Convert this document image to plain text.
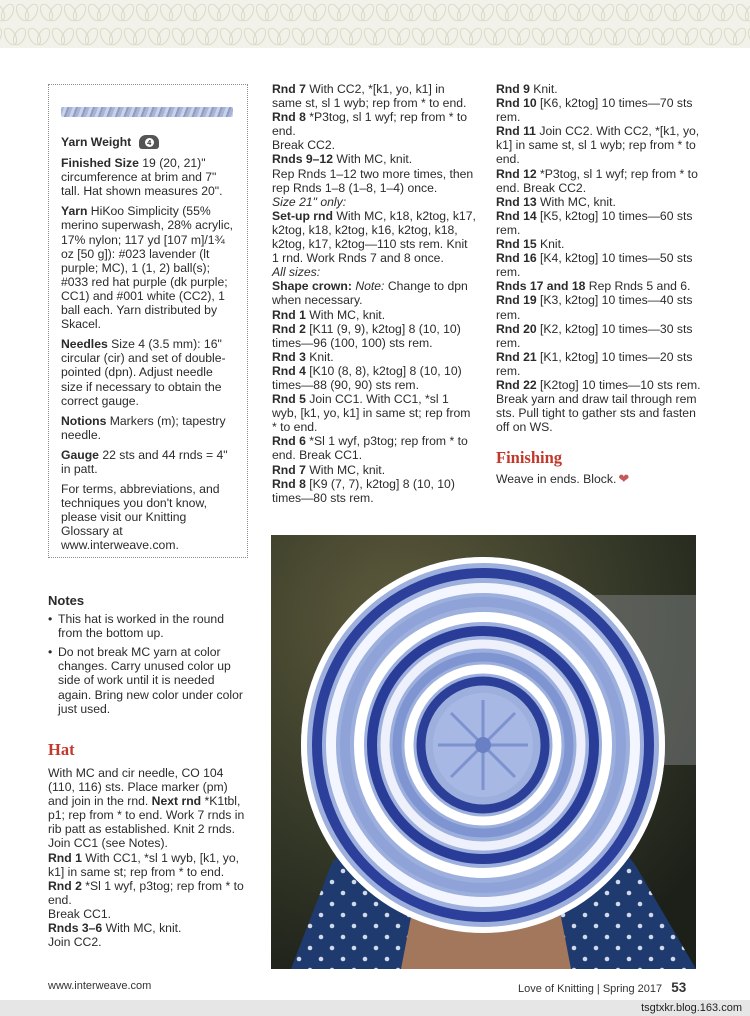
Yarn Weight	4

Finished Size 19 (20, 21)" circumference at brim and 7" tall. Hat shown measures 20".

Yarn HiKoo Simplicity (55% merino superwash, 28% acrylic, 17% nylon; 117 yd [107 m]/1¾ oz [50 g]): #023 lavender (lt purple; MC), 1 (1, 2) ball(s); #033 red hat purple (dk purple; CC1) and #001 white (CC2), 1 ball each. Yarn distributed by Skacel.

Needles Size 4 (3.5 mm): 16" circular (cir) and set of double-pointed (dpn). Adjust needle size if necessary to obtain the correct gauge.

Notions Markers (m); tapestry needle.

Gauge 22 sts and 44 rnds = 4" in patt.

For terms, abbreviations, and techniques you don't know, please visit our Knitting Glossary at www.interweave.com.

Notes
• This hat is worked in the round from the bottom up.
• Do not break MC yarn at color changes. Carry unused color up side of work until it is needed again. Bring new color under color just used.
Hat

With MC and cir needle, CO 104 (110, 116) sts. Place marker (pm) and join in the rnd. Next rnd *K1tbl, p1; rep from * to end. Work 7 rnds in rib patt as established. Knit 2 rnds. Join CC1 (see Notes).

Rnd 1 With CC1, *sl 1 wyb, [k1, yo, k1] in same st; rep from * to end.

Rnd 2 *Sl 1 wyf, p3tog; rep from * to end.

Break CC1.

Rnds 3–6 With MC, knit.

Join CC2.

Rnd 7 With CC2, *[k1, yo, k1] in same st, sl 1 wyb; rep from * to end.

Rnd 8 *P3tog, sl 1 wyf; rep from * to end.

Break CC2.

Rnds 9–12 With MC, knit.

Rep Rnds 1–12 two more times, then rep Rnds 1–8 (1–8, 1–4) once.

Size 21" only:

Set-up rnd With MC, k18, k2tog, k17, k2tog, k18, k2tog, k16, k2tog, k18, k2tog, k17, k2tog—110 sts rem. Knit 1 rnd. Work Rnds 7 and 8 once.

All sizes:

Shape crown: Note: Change to dpn when necessary.

Rnd 1 With MC, knit.

Rnd 2 [K11 (9, 9), k2tog] 8 (10, 10) times—96 (100, 100) sts rem.

Rnd 3 Knit.

Rnd 4 [K10 (8, 8), k2tog] 8 (10, 10) times—88 (90, 90) sts rem.

Rnd 5 Join CC1. With CC1, *sl 1 wyb, [k1, yo, k1] in same st; rep from * to end.

Rnd 6 *Sl 1 wyf, p3tog; rep from * to end. Break CC1.

Rnd 7 With MC, knit.

Rnd 8 [K9 (7, 7), k2tog] 8 (10, 10) times—80 sts rem.

Rnd 9 Knit.

Rnd 10 [K6, k2tog] 10 times—70 sts rem.

Rnd 11 Join CC2. With CC2, *[k1, yo, k1] in same st, sl 1 wyb; rep from * to end.

Rnd 12 *P3tog, sl 1 wyf; rep from * to end. Break CC2.

Rnd 13 With MC, knit.

Rnd 14 [K5, k2tog] 10 times—60 sts rem.

Rnd 15 Knit.

Rnd 16 [K4, k2tog] 10 times—50 sts rem.

Rnds 17 and 18 Rep Rnds 5 and 6.

Rnd 19 [K3, k2tog] 10 times—40 sts rem.

Rnd 20 [K2, k2tog] 10 times—30 sts rem.

Rnd 21 [K1, k2tog] 10 times—20 sts rem.

Rnd 22 [K2tog] 10 times—10 sts rem.

Break yarn and draw tail through rem sts. Pull tight to gather sts and fasten off on WS.

Finishing

Weave in ends. Block. ❤

www.interweave.com	Love of Knitting | Spring 2017 53
tsgtxkr.blog.163.com
